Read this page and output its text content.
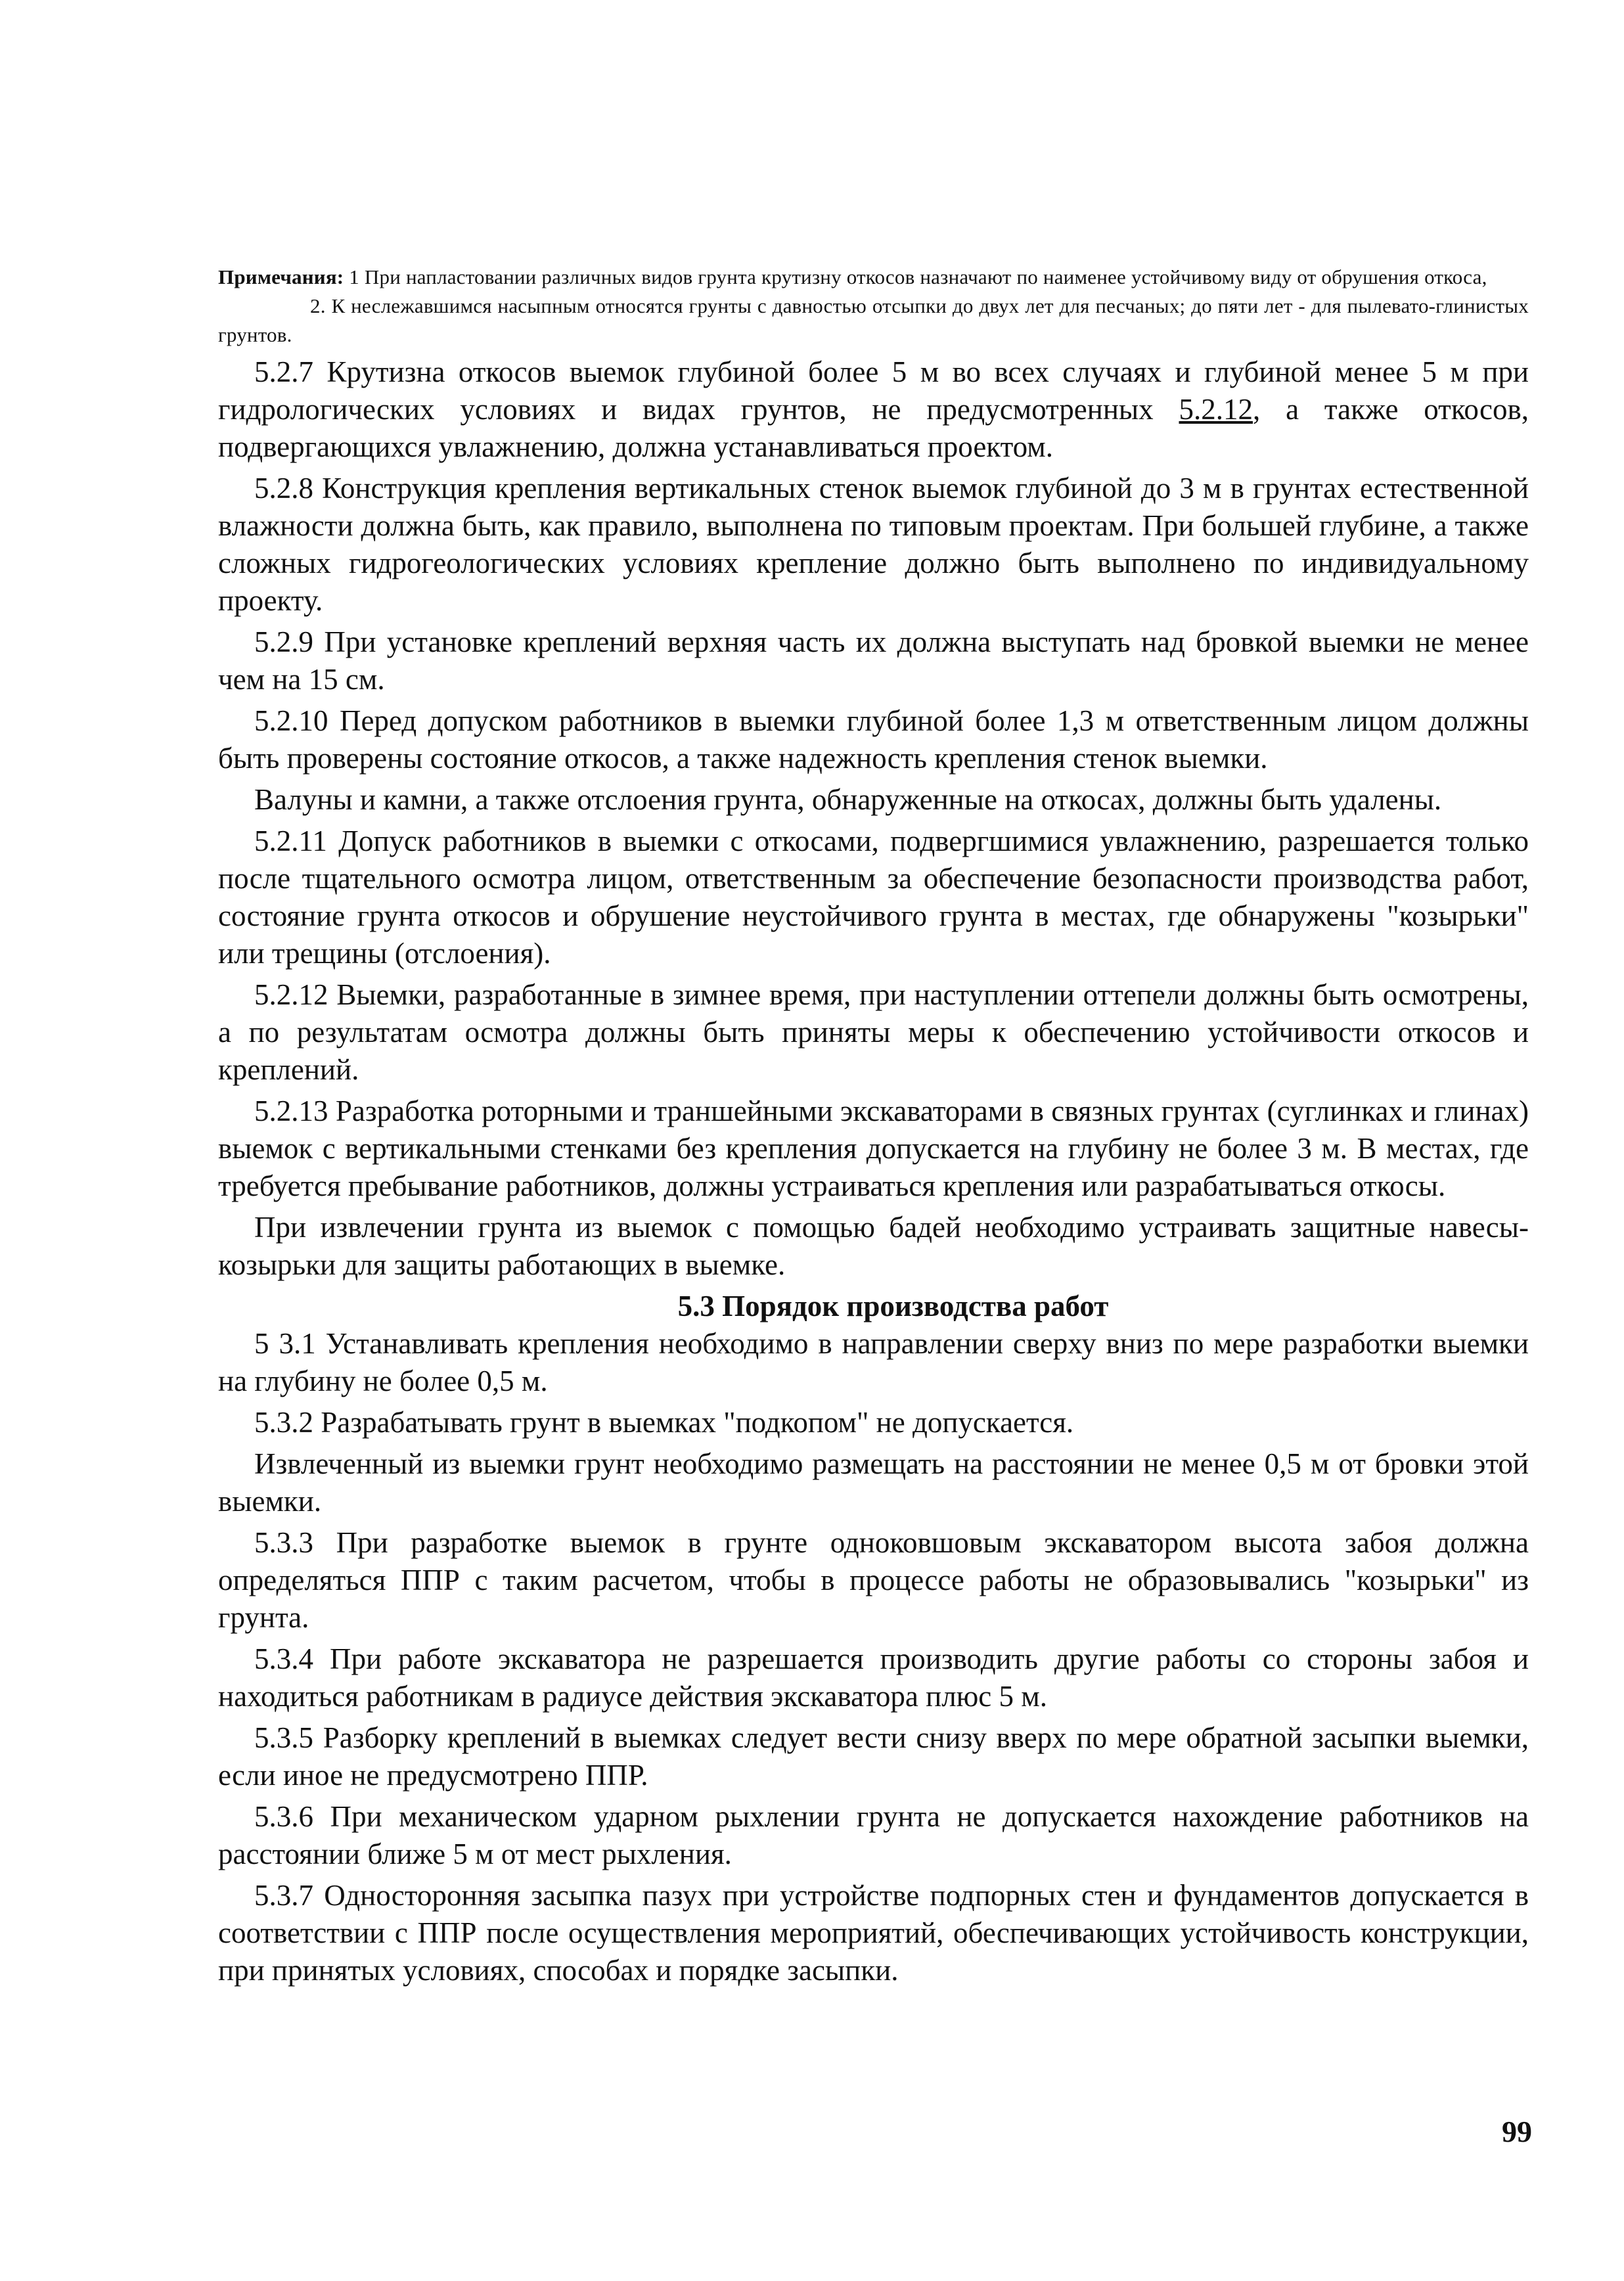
Примечания: 1 При напластовании различных видов грунта крутизну откосов назначают по наименее устойчивому виду от обрушения откоса,

2. К неслежавшимся насыпным относятся грунты с давностью отсыпки до двух лет для песчаных; до пяти лет - для пылевато-глинистых грунтов.

5.2.7 Крутизна откосов выемок глубиной более 5 м во всех случаях и глубиной менее 5 м при гидрологических условиях и видах грунтов, не предусмотренных 5.2.12, а также откосов, подвергающихся увлажнению, должна устанавливаться проектом.

5.2.8 Конструкция крепления вертикальных стенок выемок глубиной до 3 м в грунтах естественной влажности должна быть, как правило, выполнена по типовым проектам. При большей глубине, а также сложных гидрогеологических условиях крепление должно быть выполнено по индивидуальному проекту.

5.2.9 При установке креплений верхняя часть их должна выступать над бровкой выемки не менее чем на 15 см.

5.2.10 Перед допуском работников в выемки глубиной более 1,3 м ответственным лицом должны быть проверены состояние откосов, а также надежность крепления стенок выемки.

Валуны и камни, а также отслоения грунта, обнаруженные на откосах, должны быть удалены.

5.2.11 Допуск работников в выемки с откосами, подвергшимися увлажнению, разрешается только после тщательного осмотра лицом, ответственным за обеспечение безопасности производства работ, состояние грунта откосов и обрушение неустойчивого грунта в местах, где обнаружены "козырьки" или трещины (отслоения).

5.2.12 Выемки, разработанные в зимнее время, при наступлении оттепели должны быть осмотрены, а по результатам осмотра должны быть приняты меры к обеспечению устойчивости откосов и креплений.

5.2.13 Разработка роторными и траншейными экскаваторами в связных грунтах (суглинках и глинах) выемок с вертикальными стенками без крепления допускается на глубину не более 3 м. В местах, где требуется пребывание работников, должны устраиваться крепления или разрабатываться откосы.

При извлечении грунта из выемок с помощью бадей необходимо устраивать защитные навесы-козырьки для защиты работающих в выемке.

5.3 Порядок производства работ

5 3.1 Устанавливать крепления необходимо в направлении сверху вниз по мере разработки выемки на глубину не более 0,5 м.

5.3.2 Разрабатывать грунт в выемках "подкопом" не допускается.

Извлеченный из выемки грунт необходимо размещать на расстоянии не менее 0,5 м от бровки этой выемки.

5.3.3 При разработке выемок в грунте одноковшовым экскаватором высота забоя должна определяться ППР с таким расчетом, чтобы в процессе работы не образовывались "козырьки" из грунта.

5.3.4 При работе экскаватора не разрешается производить другие работы со стороны забоя и находиться работникам в радиусе действия экскаватора плюс 5 м.

5.3.5 Разборку креплений в выемках следует вести снизу вверх по мере обратной засыпки выемки, если иное не предусмотрено ППР.

5.3.6 При механическом ударном рыхлении грунта не допускается нахождение работников на расстоянии ближе 5 м от мест рыхления.

5.3.7 Односторонняя засыпка пазух при устройстве подпорных стен и фундаментов допускается в соответствии с ППР после осуществления мероприятий, обеспечивающих устойчивость конструкции, при принятых условиях, способах и порядке засыпки.

99
